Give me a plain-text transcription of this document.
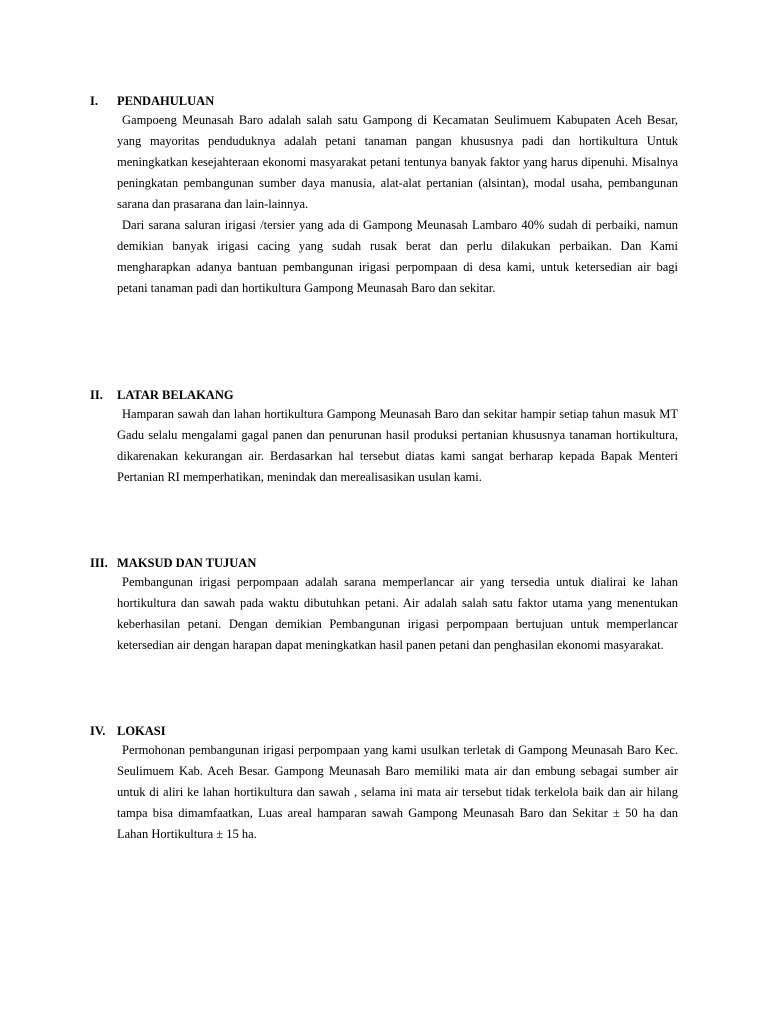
I. PENDAHULUAN

Gampoeng Meunasah Baro adalah salah satu Gampong di Kecamatan Seulimuem Kabupaten Aceh Besar, yang mayoritas penduduknya adalah petani tanaman pangan khususnya padi dan hortikultura Untuk meningkatkan kesejahteraan ekonomi masyarakat petani tentunya banyak faktor yang harus dipenuhi. Misalnya peningkatan pembangunan sumber daya manusia, alat-alat pertanian (alsintan), modal usaha, pembangunan sarana dan prasarana dan lain-lainnya.

Dari sarana saluran irigasi /tersier yang ada di Gampong Meunasah Lambaro 40% sudah di perbaiki, namun demikian banyak irigasi cacing yang sudah rusak berat dan perlu dilakukan perbaikan. Dan Kami mengharapkan adanya bantuan pembangunan irigasi perpompaan di desa kami, untuk ketersedian air bagi petani tanaman padi dan hortikultura Gampong Meunasah Baro dan sekitar.

II. LATAR BELAKANG

Hamparan sawah dan lahan hortikultura Gampong Meunasah Baro dan sekitar hampir setiap tahun masuk MT Gadu selalu mengalami gagal panen dan penurunan hasil produksi pertanian khususnya tanaman hortikultura, dikarenakan kekurangan air. Berdasarkan hal tersebut diatas kami sangat berharap kepada Bapak Menteri Pertanian RI memperhatikan, menindak dan merealisasikan usulan kami.

III. MAKSUD DAN TUJUAN

Pembangunan irigasi perpompaan adalah sarana memperlancar air yang tersedia untuk dialirai ke lahan hortikultura dan sawah pada waktu dibutuhkan petani. Air adalah salah satu faktor utama yang menentukan keberhasilan petani. Dengan demikian Pembangunan irigasi perpompaan bertujuan untuk memperlancar ketersedian air dengan harapan dapat meningkatkan hasil panen petani dan penghasilan ekonomi masyarakat.

IV. LOKASI

Permohonan pembangunan irigasi perpompaan yang kami usulkan terletak di Gampong Meunasah Baro Kec. Seulimuem Kab. Aceh Besar. Gampong Meunasah Baro memiliki mata air dan embung sebagai sumber air untuk di aliri ke lahan hortikultura dan sawah , selama ini mata air tersebut tidak terkelola baik dan air hilang tampa bisa dimamfaatkan, Luas areal hamparan sawah Gampong Meunasah Baro dan Sekitar ± 50 ha dan Lahan Hortikultura ± 15 ha.
